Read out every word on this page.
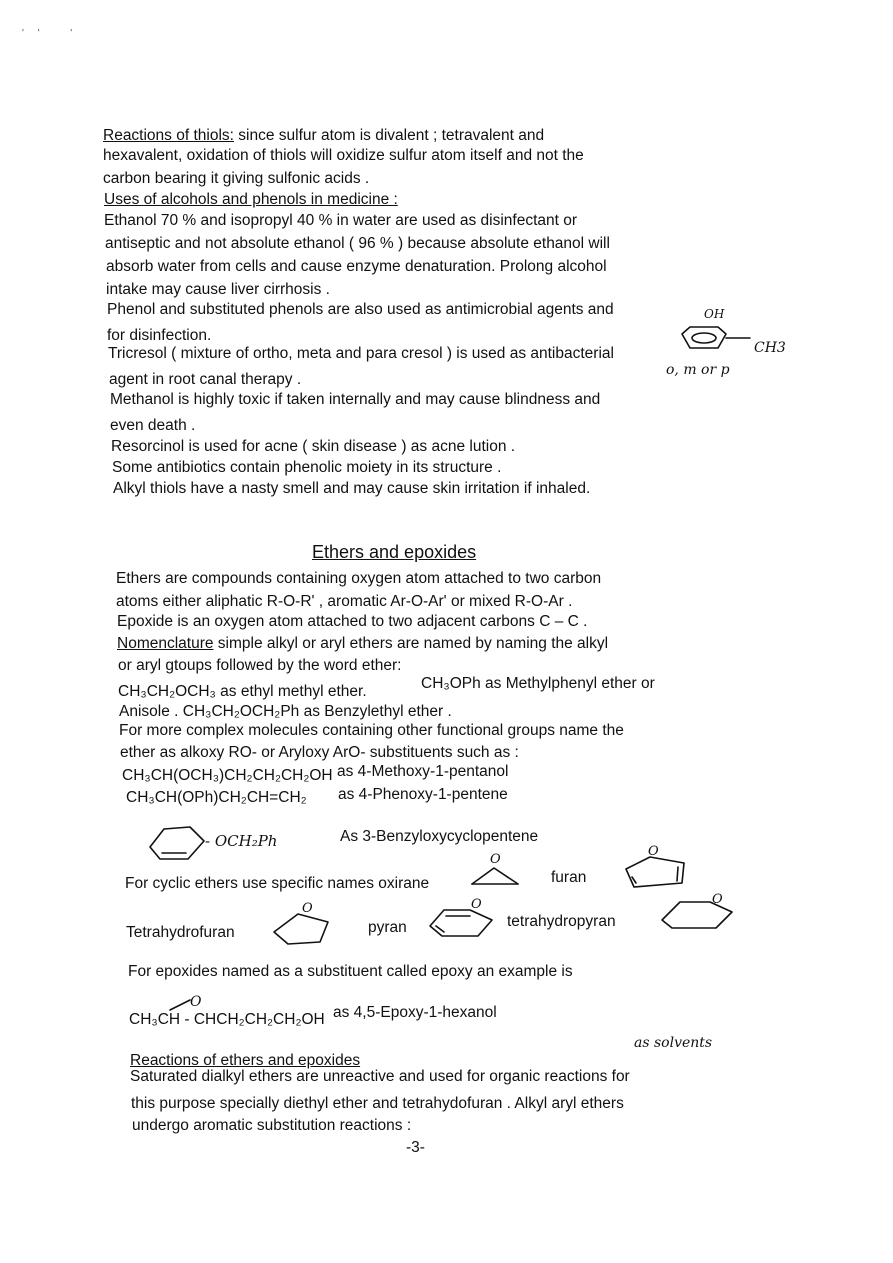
'     '           '
Reactions of thiols: since sulfur atom is divalent ; tetravalent and
hexavalent, oxidation of thiols will oxidize sulfur atom itself and not the
carbon bearing it giving sulfonic acids .
Uses of alcohols and phenols in medicine :
Ethanol 70 % and isopropyl 40 % in water are used as disinfectant or
antiseptic and not absolute ethanol ( 96 % ) because absolute ethanol will
absorb water from cells and cause enzyme denaturation. Prolong alcohol
intake may cause liver cirrhosis .
Phenol and substituted phenols are also used as antimicrobial agents and
for disinfection.
Tricresol ( mixture of ortho, meta and para cresol ) is used as antibacterial
agent in root canal therapy .
Methanol is highly toxic if taken internally and may cause blindness and
even death .
Resorcinol is used for acne ( skin disease ) as acne lution .
Some antibiotics contain phenolic moiety in its structure .
Alkyl thiols have a nasty smell and may cause skin irritation if inhaled.
OH
CH3
o, m or p
Ethers and epoxides
Ethers are compounds containing oxygen atom attached to two carbon
atoms either aliphatic R-O-R' , aromatic Ar-O-Ar' or mixed R-O-Ar .
Epoxide is an oxygen atom attached to two adjacent carbons C – C .
Nomenclature simple alkyl or aryl ethers are named by naming the alkyl
or aryl gtoups followed by the word ether:
CH₃CH₂OCH₃ as ethyl methyl ether.	CH₃OPh as Methylphenyl ether or
Anisole . CH₃CH₂OCH₂Ph as Benzylethyl ether .
For more complex molecules containing other functional groups name the
ether as alkoxy RO- or Aryloxy ArO- substituents such as :
CH₃CH(OCH₃)CH₂CH₂CH₂OH as 4-Methoxy-1-pentanol
CH₃CH(OPh)CH₂CH=CH₂ as 4-Phenoxy-1-pentene
- OCH₂Ph	As 3-Benzyloxycyclopentene
For cyclic ethers use specific names oxirane
O
furan
O
Tetrahydrofuran
O
pyran
O
tetrahydropyran
O
For epoxides named as a substituent called epoxy an example is
O
CH₃CH - CHCH₂CH₂CH₂OH as 4,5-Epoxy-1-hexanol
as solvents
Reactions of ethers and epoxides
Saturated dialkyl ethers are unreactive and used for organic reactions for
this purpose specially diethyl ether and tetrahydofuran . Alkyl aryl ethers
undergo aromatic substitution reactions :
-3-
